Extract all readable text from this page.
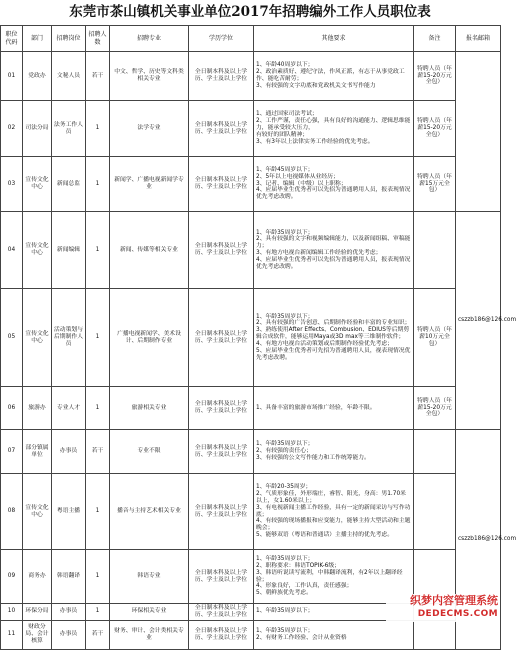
东莞市茶山镇机关事业单位2017年招聘编外工作人员职位表
职位代码	部门	招聘岗位	招聘人数	招聘专业	学历学位	其他要求	备注	报名邮箱
01	党政办	文秘人员	若干	中文、哲学、历史等文科类相关专业	全日制本科及以上学历、学士及以上学位	1、年龄40周岁以下；
2、政治素质好、遵纪守法，作风正派，有志于从事党政工作、能吃苦耐劳；
3、有较强的文字功底和党政机关文书写作能力	特聘人员（年薪15-20万元全包）	
02	司法分局	法务工作人员	1	法学专业	全日制本科及以上学历、学士及以上学位	1、通过国家司法考试；
2、工作严谨，责任心强，具有良好的沟通能力、逻辑思维能力，能承受较大压力，
有较好的团队精神；
3、有3年以上法律实务工作经验的优先考虑。	特聘人员（年薪15-20万元全包）	
03	宣传文化中心	新闻总监	1	新闻学、广播电视新闻学专业	全日制本科及以上学历、学士及以上学位	1、年龄45周岁以下；
2、5年以上电视媒体从业经历；
3、记者、编辑（中级）以上职称；
4、应届毕业生优秀者可以先招为普通聘用人员，报表现情况优先考虑改聘。	特聘人员（年薪15万元全包）	
04	宣传文化中心	新闻编辑	1	新闻、传媒等相关专业	全日制本科及以上学历、学士及以上学位	1、年龄35周岁以下；
2、具有较强的文字和视频编辑能力，以及新闻组稿、审稿能力；
3、有地方电视台新闻编辑工作经验的优先考虑；
4、应届毕业生优秀者可以先招为普通聘用人员，报表现情况优先考虑改聘。		cszzb186@126.com
05	宣传文化中心	活动策划与后期制作人员	1	广播电视新闻学、美术设计、后期制作专业	全日制本科及以上学历、学士及以上学位	1、年龄35周岁以下；
2、具有较强的广告创意、后期制作经验和丰富的专业知识；
3、熟练使用After Effects、Combusion、EDIUS等后期剪辑合成软件，能够运用Maya或3D max等三维制作软件；
4、有地方电视台活动策划或后期制作经验优先考虑；
5、应届毕业生优秀者可先招为普通聘用人员，视表现情况优先考虑改聘。	特聘人员（年薪10万元全包）	
06	旅游办	专业人才	1	旅游相关专业	全日制本科及以上学历、学士及以上学位	1、具备丰富的旅游市场推广经验，年龄不限。	特聘人员（年薪15-20万元全包）	
07	部分镇属单位	办事员	若干	专业不限	全日制本科及以上学历、学士及以上学位	1、年龄35周岁以下；
2、有较强的责任心；
3、有较强的公文写作能力和工作统筹能力。		cszzb186@126.com
08	宣传文化中心	粤语主播	1	播音与主持艺术相关专业	全日制本科及以上学历、学士及以上学位	1、年龄20-35周岁；
2、气质形象佳，外形端庄，睿智、阳光，身高：男1.70米以上，女1.60米以上；
3、有电视新闻主播工作经验，具有一定的新闻采访与写作功底；
4、有较强的现场播报和应变能力，能够主持大型活动和主题晚会；
5、能够双语（粤语和普通话）主播主持的优先考虑。		

09	商务办	韩语翻译	1	韩语专业	全日制本科及以上学历、学士及以上学位	1、年龄35周岁以下；
2、职称要求：韩语TOPIK-6级；
3、韩语听说读写流利，中韩翻译流利，有2年以上翻译经验；
4、形象良好，工作认真，责任感强；
5、朝鲜族优先考虑。		

10	环保分局	办事员	1	环保相关专业	全日制本科及以上学历、学士及以上学位	1、年龄35周岁以下；		

11	财政分局、会计核算	办事员	若干	财务、审计、会计类相关专业	全日制本科及以上学历、学士及以上学位	1、年龄35周岁以下；
2、有财务工作经验、会计从业资格		

织梦内容管理系统
DEDECMS.COM
